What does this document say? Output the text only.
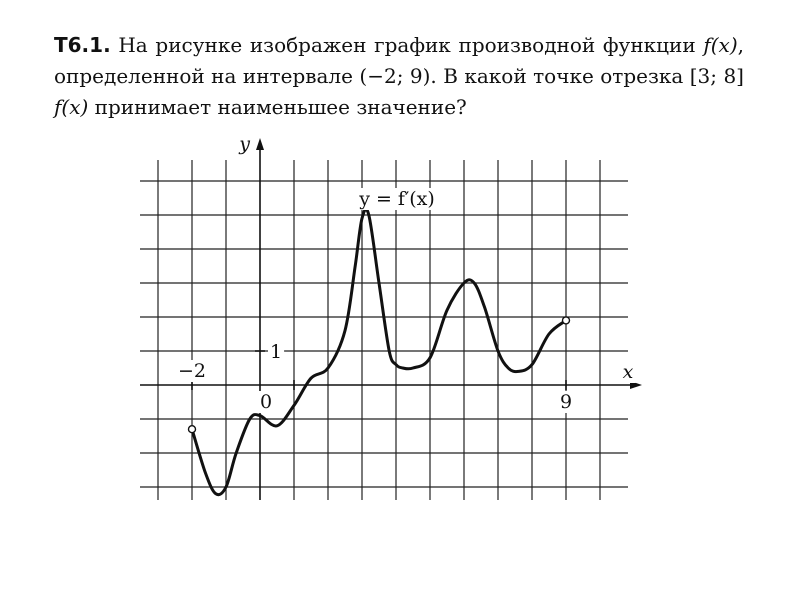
Т6.1. На рисунке изображен график производной функции f(x), определенной на интервале (−2; 9). В какой точке отрезка [3; 8] f(x) принимает наименьшее значение?
y = f′(x)
y
x
−2
0	9
1
